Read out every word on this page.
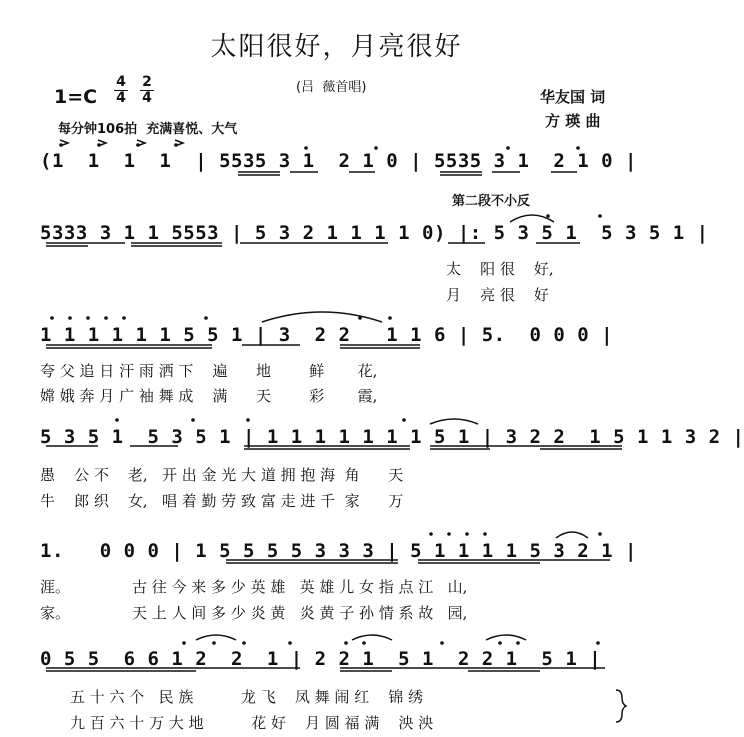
太阳很好，月亮很好
(吕  薇首唱)
华友国 词
方 瑛 曲
1=C
4
4
2
4
每分钟106拍  充满喜悦、大气
(1  1  1  1  | 5535 3 1  2 1 0 | 5535 3 1  2 1 0 |
第二段不小反
5333 3 1 1 5553 | 5 3 2 1 1 1 1 0) |: 5 3 5 1  5 3 5 1 |
太    阳 很    好,
月    亮 很    好
1 1 1 1 1 1 5 5 1 | 3  2 2   1 1 6 | 5.  0 0 0 |
夸 父 追 日 汗 雨 洒 下    遍      地        鲜       花,
嫦 娥 奔 月 广 袖 舞 成    满      天        彩       霞,
5 3 5 1  5 3 5 1 | 1 1 1 1 1 1 1 5 1 | 3 2 2  1 5 1 1 3 2 |
愚    公 不    老,   开 出 金 光 大 道 拥 抱 海  角      天
牛    郎 织    女,   唱 着 勤 劳 致 富 走 进 千  家      万
1.   0 0 0 | 1 5 5 5 5 3 3 3 | 5 1 1 1 1 5 3 2 1 |
涯。             古 往 今 来 多 少 英 雄   英 雄 儿 女 指 点 江   山,
家。             天 上 人 间 多 少 炎 黄   炎 黄 子 孙 情 系 故   园,
0 5 5  6 6 1 2  2  1 | 2 2 1  5 1  2 2 1  5 1 |
五 十 六 个   民 族          龙 飞    凤 舞 闹 红    锦 绣
九 百 六 十 万 大 地          花 好    月 圆 福 满    泱 泱
